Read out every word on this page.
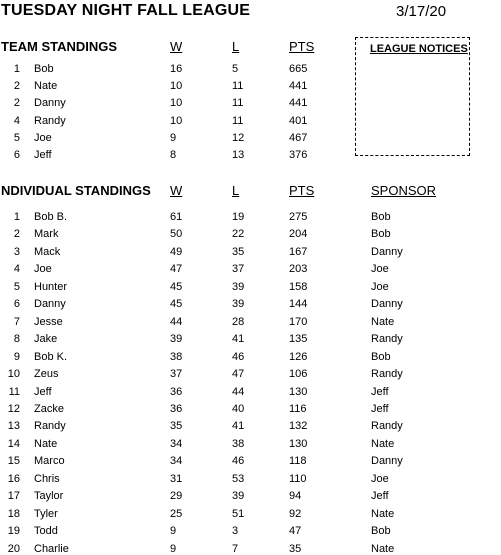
TUESDAY NIGHT FALL LEAGUE	3/17/20
TEAM STANDINGS	W	L	PTS
1 Bob	16	5	665
2 Nate	10	11	441
2 Danny	10	11	441
4 Randy	10	11	401
5 Joe	9	12	467
6 Jeff	8	13	376
LEAGUE NOTICES
NDIVIDUAL STANDINGS W	L	PTS	SPONSOR
1 Bob B.	61	19	275	Bob
2 Mark	50	22	204	Bob
3 Mack	49	35	167	Danny
4 Joe	47	37	203	Joe
5 Hunter	45	39	158	Joe
6 Danny	45	39	144	Danny
7 Jesse	44	28	170	Nate
8 Jake	39	41	135	Randy
9 Bob K.	38	46	126	Bob
10 Zeus	37	47	106	Randy
11 Jeff	36	44	130	Jeff
12 Zacke	36	40	116	Jeff
13 Randy	35	41	132	Randy
14 Nate	34	38	130	Nate
15 Marco	34	46	118	Danny
16 Chris	31	53	110	Joe
17 Taylor	29	39	94	Jeff
18 Tyler	25	51	92	Nate
19 Todd	9	3	47	Bob
20 Charlie	9	7	35	Nate
